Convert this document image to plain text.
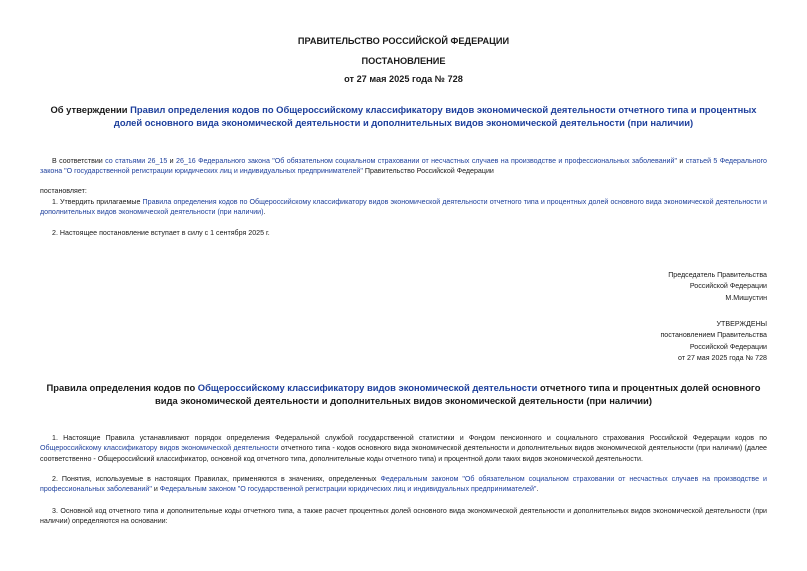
ПРАВИТЕЛЬСТВО РОССИЙСКОЙ ФЕДЕРАЦИИ
ПОСТАНОВЛЕНИЕ
от 27 мая 2025 года № 728
Об утверждении Правил определения кодов по Общероссийскому классификатору видов экономической деятельности отчетного типа и процентных долей основного вида экономической деятельности и дополнительных видов экономической деятельности (при наличии)
В соответствии со статьями 26_15 и 26_16 Федерального закона "Об обязательном социальном страховании от несчастных случаев на производстве и профессиональных заболеваний" и статьей 5 Федерального закона "О государственной регистрации юридических лиц и индивидуальных предпринимателей" Правительство Российской Федерации
постановляет:
1. Утвердить прилагаемые Правила определения кодов по Общероссийскому классификатору видов экономической деятельности отчетного типа и процентных долей основного вида экономической деятельности и дополнительных видов экономической деятельности (при наличии).
2. Настоящее постановление вступает в силу с 1 сентября 2025 г.
Председатель Правительства
Российской Федерации
М.Мишустин
УТВЕРЖДЕНЫ
постановлением Правительства
Российской Федерации
от 27 мая 2025 года № 728
Правила определения кодов по Общероссийскому классификатору видов экономической деятельности отчетного типа и процентных долей основного вида экономической деятельности и дополнительных видов экономической деятельности (при наличии)
1. Настоящие Правила устанавливают порядок определения Федеральной службой государственной статистики и Фондом пенсионного и социального страхования Российской Федерации кодов по Общероссийскому классификатору видов экономической деятельности отчетного типа - кодов основного вида экономической деятельности и дополнительных видов экономической деятельности (при наличии) (далее соответственно - Общероссийский классификатор, основной код отчетного типа, дополнительные коды отчетного типа) и процентной доли таких видов экономической деятельности.
2. Понятия, используемые в настоящих Правилах, применяются в значениях, определенных Федеральным законом "Об обязательном социальном страховании от несчастных случаев на производстве и профессиональных заболеваний" и Федеральным законом "О государственной регистрации юридических лиц и индивидуальных предпринимателей".
3. Основной код отчетного типа и дополнительные коды отчетного типа, а также расчет процентных долей основного вида экономической деятельности и дополнительных видов экономической деятельности (при наличии) определяются на основании:
